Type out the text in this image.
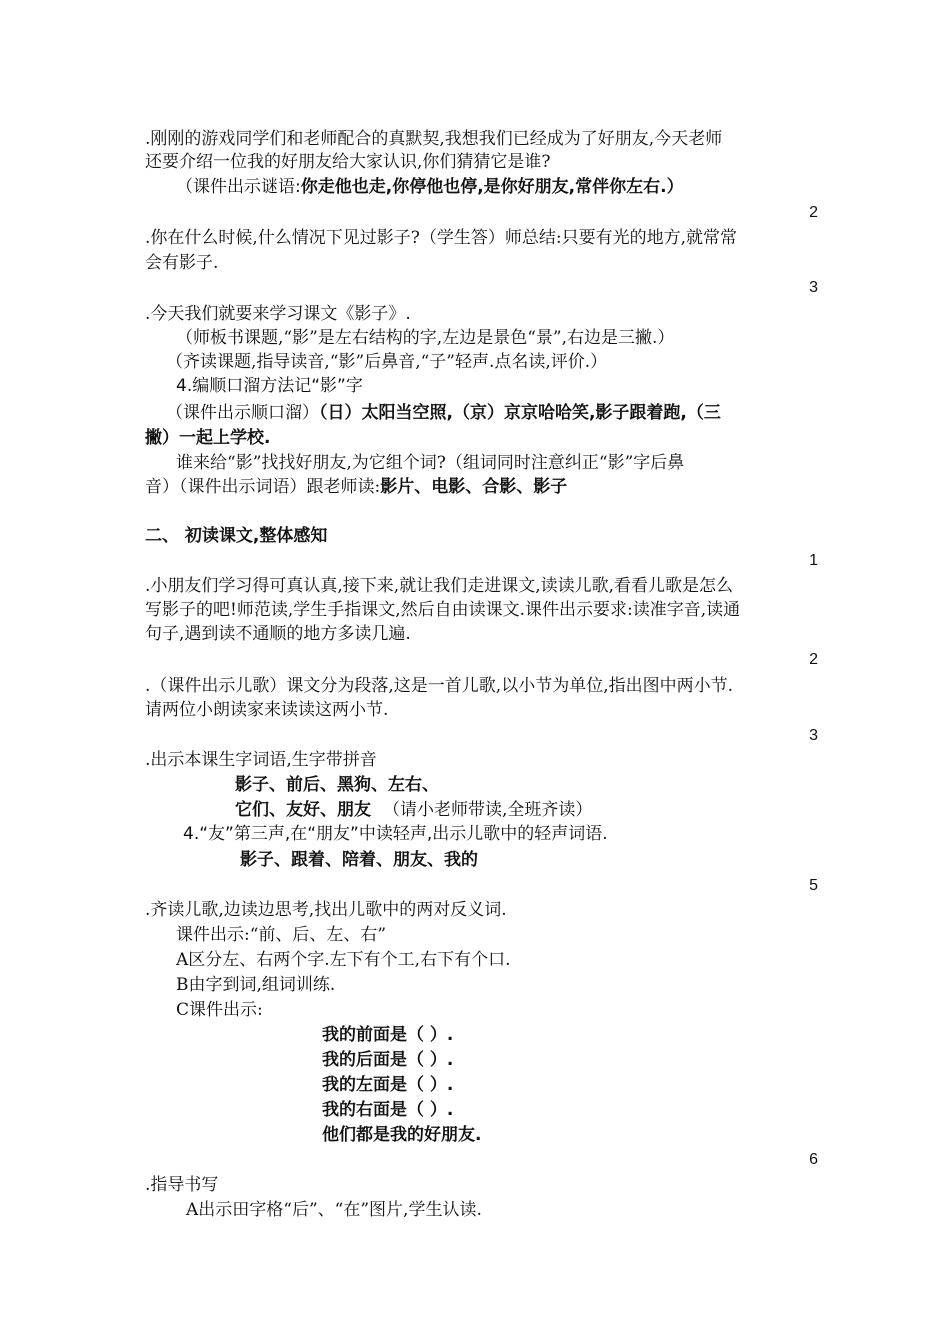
.刚刚的游戏同学们和老师配合的真默契,我想我们已经成为了好朋友,今天老师
还要介绍一位我的好朋友给大家认识,你们猜猜它是谁?
（课件出示谜语:你走他也走,你停他也停,是你好朋友,常伴你左右.）
2
.你在什么时候,什么情况下见过影子?（学生答）师总结:只要有光的地方,就常常
会有影子.
3
.今天我们就要来学习课文《影子》.
（师板书课题,“影”是左右结构的字,左边是景色“景”,右边是三撇.）
（齐读课题,指导读音,“影”后鼻音,“子”轻声.点名读,评价.）
4.编顺口溜方法记“影”字
（课件出示顺口溜）（日）太阳当空照,（京）京京哈哈笑,影子跟着跑,（三
撇）一起上学校.
谁来给“影”找找好朋友,为它组个词?（组词同时注意纠正“影”字后鼻
音）（课件出示词语）跟老师读:影片、电影、合影、影子
二、 初读课文,整体感知
1
.小朋友们学习得可真认真,接下来,就让我们走进课文,读读儿歌,看看儿歌是怎么
写影子的吧!师范读,学生手指课文,然后自由读课文.课件出示要求:读准字音,读通
句子,遇到读不通顺的地方多读几遍.
2
.（课件出示儿歌）课文分为段落,这是一首儿歌,以小节为单位,指出图中两小节.
请两位小朗读家来读读这两小节.
3
.出示本课生字词语,生字带拼音
影子、前后、黑狗、左右、
它们、友好、朋友 （请小老师带读,全班齐读）
4.“友”第三声,在“朋友”中读轻声,出示儿歌中的轻声词语.
影子、跟着、陪着、朋友、我的
5
.齐读儿歌,边读边思考,找出儿歌中的两对反义词.
课件出示:“前、后、左、右”
A区分左、右两个字.左下有个工,右下有个口.
B由字到词,组词训练.
C课件出示:
我的前面是（ ）.
我的后面是（ ）.
我的左面是（ ）.
我的右面是（ ）.
他们都是我的好朋友.
6
.指导书写
A出示田字格“后”、“在”图片,学生认读.
